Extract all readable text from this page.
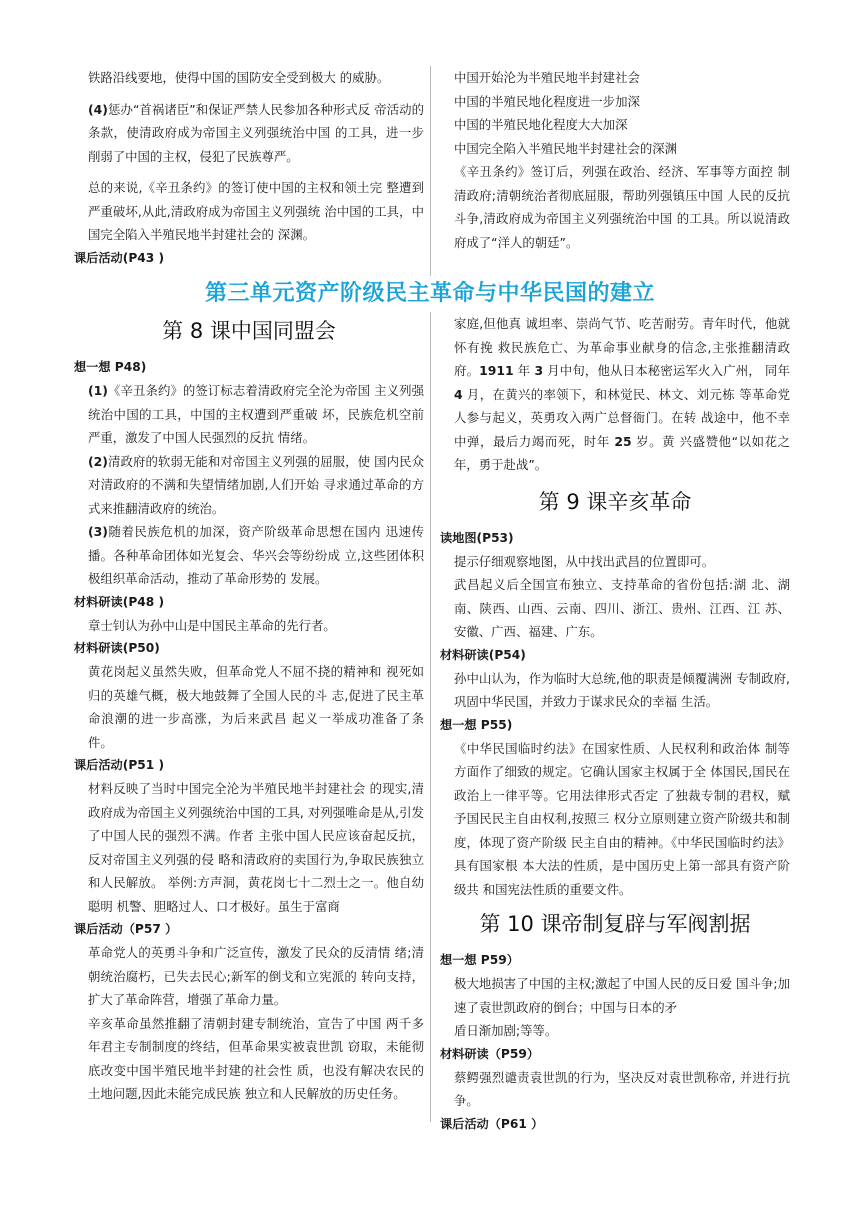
铁路沿线要地，使得中国的国防安全受到极大 的威胁。

(4)惩办“首祸诸臣”和保证严禁人民参加各种形式反 帝活动的条款，使清政府成为帝国主义列强统治中国 的工具，进一步削弱了中国的主权，侵犯了民族尊严。

总的来说,《辛丑条约》的签订使中国的主权和领土完 整遭到严重破坏,从此,清政府成为帝国主义列强统 治中国的工具，中国完全陷入半殖民地半封建社会的 深渊。

课后活动(P43 )

中国开始沦为半殖民地半封建社会

中国的半殖民地化程度进一步加深

中国的半殖民地化程度大大加深

中国完全陷入半殖民地半封建社会的深渊

《辛丑条约》签订后，列强在政治、经济、军事等方面控 制清政府;清朝统治者彻底屈服，帮助列强镇压中国 人民的反抗斗争,清政府成为帝国主义列强统治中国 的工具。所以说清政府成了“洋人的朝廷”。

第三单元资产阶级民主革命与中华民国的建立
第 8 课中国同盟会

想一想 P48)

(1)《辛丑条约》的签订标志着清政府完全沦为帝国 主义列强统治中国的工具，中国的主权遭到严重破 坏，民族危机空前严重，激发了中国人民强烈的反抗 情绪。

(2)清政府的软弱无能和对帝国主义列强的屈服，使 国内民众对清政府的不满和失望情绪加剧,人们开始 寻求通过革命的方式来推翻清政府的统治。

(3)随着民族危机的加深，资产阶级革命思想在国内 迅速传播。各种革命团体如光复会、华兴会等纷纷成 立,这些团体积极组织革命活动，推动了革命形势的 发展。

材料研读(P48 )

章士钊认为孙中山是中国民主革命的先行者。

材料研读(P50)

黄花岗起义虽然失败，但革命党人不屈不挠的精神和 视死如归的英雄气概，极大地鼓舞了全国人民的斗 志,促进了民主革命浪潮的进一步高涨，为后来武昌 起义一举成功准备了条件。

课后活动(P51 )

材料反映了当时中国完全沦为半殖民地半封建社会 的现实,清政府成为帝国主义列强统治中国的工具, 对列强唯命是从,引发了中国人民的强烈不满。作者 主张中国人民应该奋起反抗，反对帝国主义列强的侵 略和清政府的卖国行为,争取民族独立和人民解放。 举例:方声洞，黄花岗七十二烈士之一。他自幼聪明 机警、胆略过人、口才极好。虽生于富商

课后活动（P57 ）

革命党人的英勇斗争和广泛宣传，激发了民众的反清情 绪;清朝统治腐朽，已失去民心;新军的倒戈和立宪派的 转向支持，扩大了革命阵营，增强了革命力量。

辛亥革命虽然推翻了清朝封建专制统治，宣告了中国 两千多年君主专制制度的终结，但革命果实被袁世凯 窃取，未能彻底改变中国半殖民地半封建的社会性 质，也没有解决农民的土地问题,因此未能完成民族 独立和人民解放的历史任务。

家庭,但他真 诚坦率、崇尚气节、吃苦耐劳。青年时代，他就怀有挽 救民族危亡、为革命事业献身的信念,主张推翻清政 府。1911 年 3 月中旬，他从日本秘密运军火入广州， 同年 4 月，在黄兴的率领下，和林觉民、林文、刘元栋 等革命党人参与起义，英勇攻入两广总督衙门。在转 战途中，他不幸中弹，最后力竭而死，时年 25 岁。黄 兴盛赞他“以如花之年，勇于赴战”。

第 9 课辛亥革命

读地图(P53)

提示仔细观察地图，从中找出武昌的位置即可。

武昌起义后全国宣布独立、支持革命的省份包括:湖 北、湖南、陕西、山西、云南、四川、浙江、贵州、江西、江 苏、安徽、广西、福建、广东。

材料研读(P54)

孙中山认为，作为临时大总统,他的职责是倾覆满洲 专制政府,巩固中华民国，并致力于谋求民众的幸福 生活。

想一想 P55)

《中华民国临时约法》在国家性质、人民权利和政治体 制等方面作了细致的规定。它确认国家主权属于全 体国民,国民在政治上一律平等。它用法律形式否定 了独裁专制的君权，赋予国民民主自由权利,按照三 权分立原则建立资产阶级共和制度，体现了资产阶级 民主自由的精神。《中华民国临时约法》具有国家根 本大法的性质，是中国历史上第一部具有资产阶级共 和国宪法性质的重要文件。

第 10 课帝制复辟与军阀割据

想一想 P59）

极大地损害了中国的主权;激起了中国人民的反日爱 国斗争;加速了袁世凯政府的倒台；中国与日本的矛

盾日渐加剧;等等。

材料研读（P59）

蔡鳄强烈谴责袁世凯的行为，坚决反对袁世凯称帝, 并进行抗争。

课后活动（P61 ）
